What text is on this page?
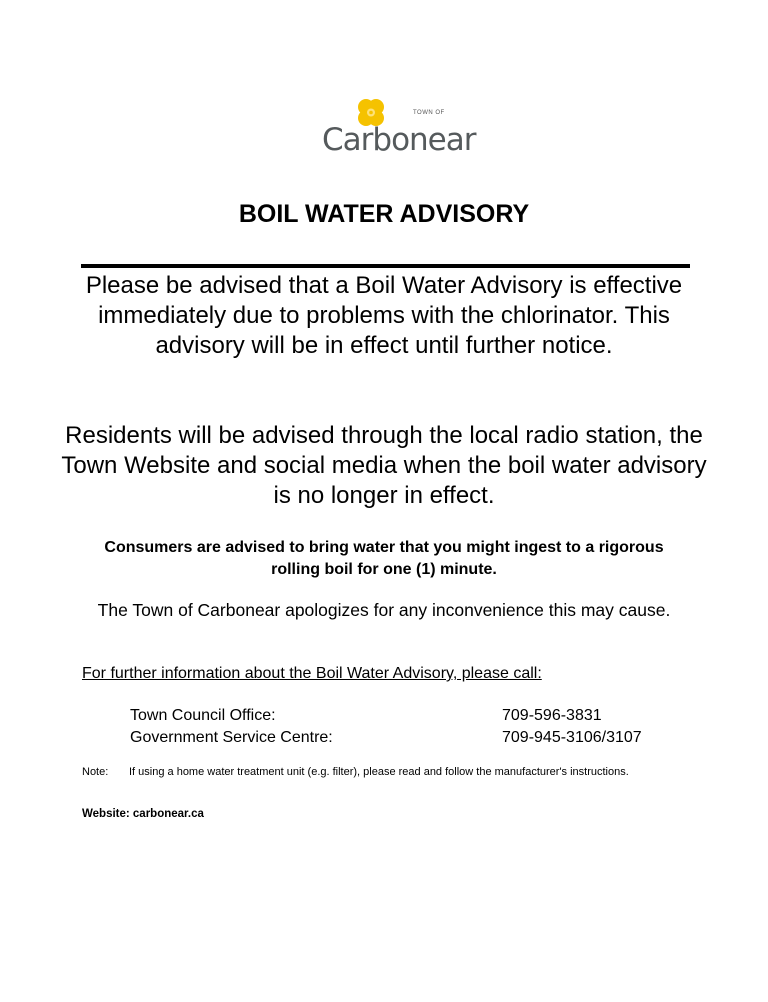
TOWN OF
Carbonear
BOIL WATER ADVISORY
Please be advised that a Boil Water Advisory is effective immediately due to problems with the chlorinator. This advisory will be in effect until further notice.
Residents will be advised through the local radio station, the Town Website and social media when the boil water advisory is no longer in effect.
Consumers are advised to bring water that you might ingest to a rigorous rolling boil for one (1) minute.
The Town of Carbonear apologizes for any inconvenience this may cause.
For further information about the Boil Water Advisory, please call:
Town Council Office:	709-596-3831
Government Service Centre:	709-945-3106/3107
Note: If using a home water treatment unit (e.g. filter), please read and follow the manufacturer's instructions.
Website: carbonear.ca
